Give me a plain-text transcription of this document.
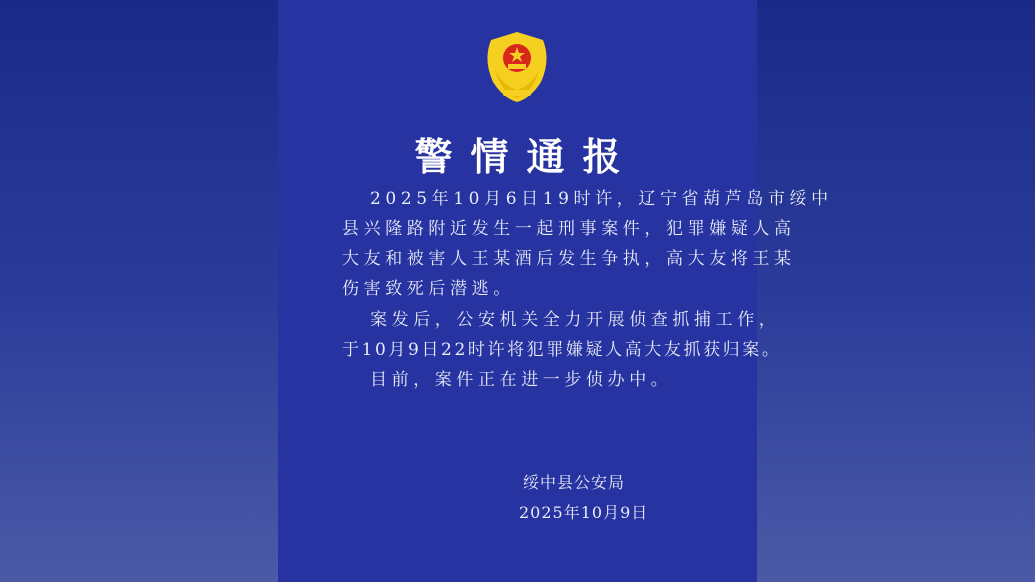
警情通报
2025年10月6日19时许，辽宁省葫芦岛市绥中
县兴隆路附近发生一起刑事案件，犯罪嫌疑人高
大友和被害人王某酒后发生争执，高大友将王某
伤害致死后潜逃。
案发后，公安机关全力开展侦查抓捕工作，
于10月9日22时许将犯罪嫌疑人高大友抓获归案。
目前，案件正在进一步侦办中。
绥中县公安局
2025年10月9日
